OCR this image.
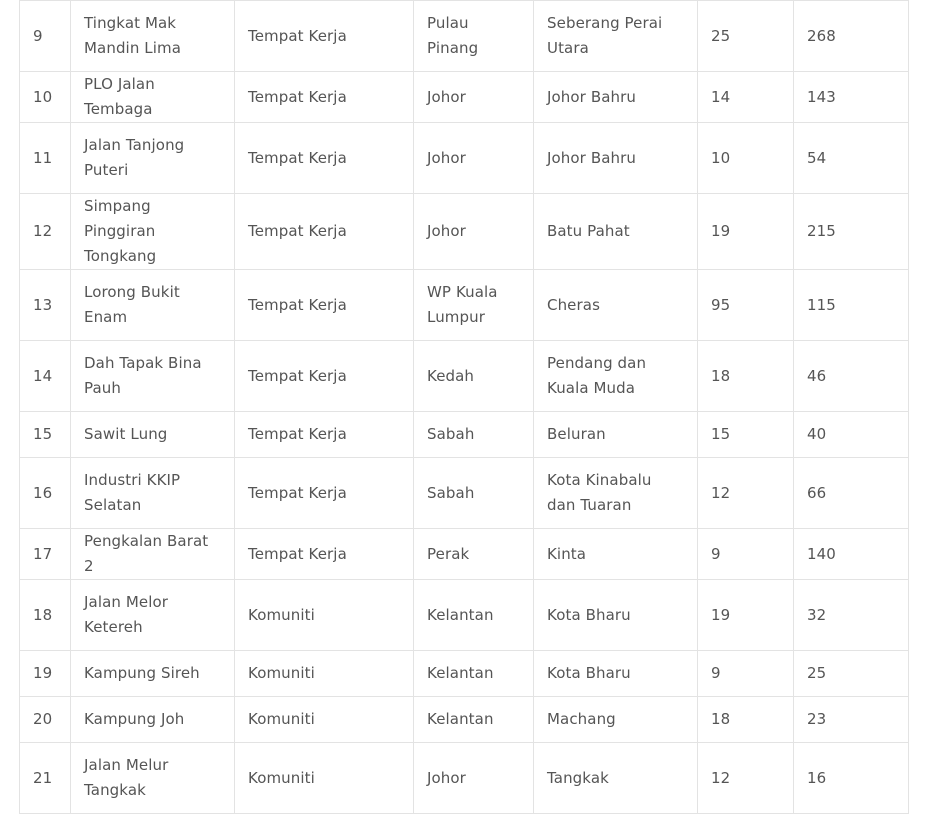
9	Tingkat Mak Mandin Lima	Tempat Kerja	Pulau Pinang	Seberang Perai Utara	25	268
10	PLO Jalan Tembaga	Tempat Kerja	Johor	Johor Bahru	14	143
11	Jalan Tanjong Puteri	Tempat Kerja	Johor	Johor Bahru	10	54
12	Simpang Pinggiran Tongkang	Tempat Kerja	Johor	Batu Pahat	19	215
13	Lorong Bukit Enam	Tempat Kerja	WP Kuala Lumpur	Cheras	95	115
14	Dah Tapak Bina Pauh	Tempat Kerja	Kedah	Pendang dan Kuala Muda	18	46
15	Sawit Lung	Tempat Kerja	Sabah	Beluran	15	40
16	Industri KKIP Selatan	Tempat Kerja	Sabah	Kota Kinabalu dan Tuaran	12	66
17	Pengkalan Barat 2	Tempat Kerja	Perak	Kinta	9	140
18	Jalan Melor Ketereh	Komuniti	Kelantan	Kota Bharu	19	32
19	Kampung Sireh	Komuniti	Kelantan	Kota Bharu	9	25
20	Kampung Joh	Komuniti	Kelantan	Machang	18	23
21	Jalan Melur Tangkak	Komuniti	Johor	Tangkak	12	16
